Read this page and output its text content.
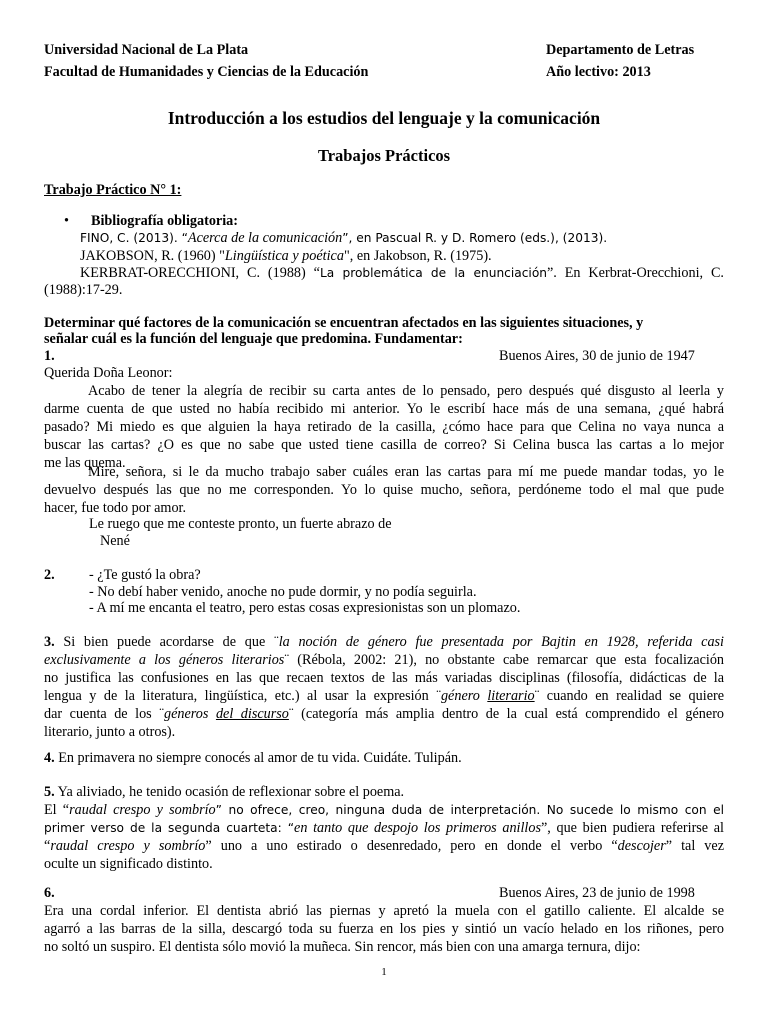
Universidad Nacional de La Plata	Departamento de Letras
Facultad de Humanidades y Ciencias de la Educación	Año lectivo: 2013
Introducción a los estudios del lenguaje y la comunicación
Trabajos Prácticos
Trabajo Práctico N° 1:
• Bibliografía obligatoria:
FINO, C. (2013). “Acerca de la comunicación”, en Pascual R. y D. Romero (eds.), (2013).
JAKOBSON, R. (1960) "Lingüística y poética", en Jakobson, R. (1975).
KERBRAT-ORECCHIONI, C. (1988) “La problemática de la enunciación”. En Kerbrat-Orecchioni, C.
(1988):17-29.
Determinar qué factores de la comunicación se encuentran afectados en las siguientes situaciones, y
señalar cuál es la función del lenguaje que predomina. Fundamentar:
1.	Buenos Aires, 30 de junio de 1947
Querida Doña Leonor:
Acabo de tener la alegría de recibir su carta antes de lo pensado, pero después qué disgusto al leerla y
darme cuenta de que usted no había recibido mi anterior. Yo le escribí hace más de una semana, ¿qué habrá
pasado? Mi miedo es que alguien la haya retirado de la casilla, ¿cómo hace para que Celina no vaya nunca a
buscar las cartas? ¿O es que no sabe que usted tiene casilla de correo? Si Celina busca las cartas a lo mejor
me las quema.
Mire, señora, si le da mucho trabajo saber cuáles eran las cartas para mí me puede mandar todas, yo le
devuelvo después las que no me corresponden. Yo lo quise mucho, señora, perdóneme todo el mal que pude
hacer, fue todo por amor.
Le ruego que me conteste pronto, un fuerte abrazo de
Nené
2. - ¿Te gustó la obra?
- No debí haber venido, anoche no pude dormir, y no podía seguirla.
- A mí me encanta el teatro, pero estas cosas expresionistas son un plomazo.
3. Si bien puede acordarse de que ¨la noción de género fue presentada por Bajtin en 1928, referida casi
exclusivamente a los géneros literarios¨ (Rébola, 2002: 21), no obstante cabe remarcar que esta focalización
no justifica las confusiones en las que recaen textos de las más variadas disciplinas (filosofía, didácticas de la
lengua y de la literatura, lingüística, etc.) al usar la expresión ¨género literario¨ cuando en realidad se quiere
dar cuenta de los ¨géneros del discurso¨ (categoría más amplia dentro de la cual está comprendido el género
literario, junto a otros).
4. En primavera no siempre conocés al amor de tu vida. Cuidáte. Tulipán.
5. Ya aliviado, he tenido ocasión de reflexionar sobre el poema.
El “raudal crespo y sombrío” no ofrece, creo, ninguna duda de interpretación. No sucede lo mismo con el
primer verso de la segunda cuarteta: “en tanto que despojo los primeros anillos”, que bien pudiera referirse al
“raudal crespo y sombrío” uno a uno estirado o desenredado, pero en donde el verbo “descojer” tal vez
oculte un significado distinto.
6.	Buenos Aires, 23 de junio de 1998
Era una cordal inferior. El dentista abrió las piernas y apretó la muela con el gatillo caliente. El alcalde se
agarró a las barras de la silla, descargó toda su fuerza en los pies y sintió un vacío helado en los riñones, pero
no soltó un suspiro. El dentista sólo movió la muñeca. Sin rencor, más bien con una amarga ternura, dijo:
1
